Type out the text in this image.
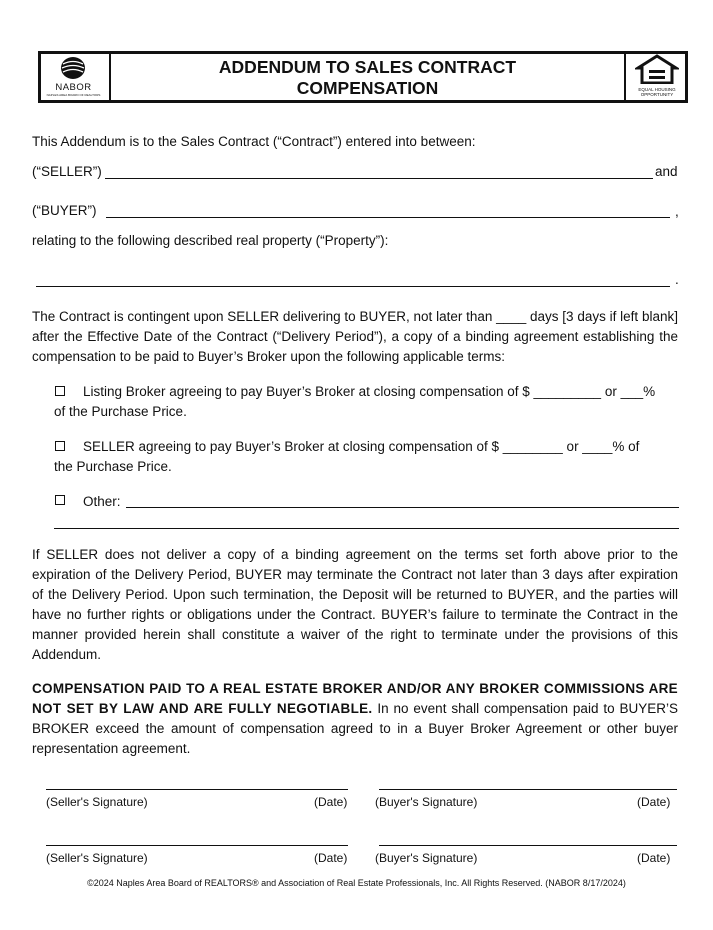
NABOR
NAPLES AREA BOARD OF REALTORS
ADDENDUM TO SALES CONTRACT
COMPENSATION	EQUAL HOUSING
OPPORTUNITY
This Addendum is to the Sales Contract (“Contract”) entered into between:
(“SELLER”)	and
(“BUYER”)	,
relating to the following described real property (“Property”):
.
The Contract is contingent upon SELLER delivering to BUYER, not later than ____ days [3 days if left blank] after the Effective Date of the Contract (“Delivery Period”), a copy of a binding agreement establishing the compensation to be paid to Buyer’s Broker upon the following applicable terms:
Listing Broker agreeing to pay Buyer’s Broker at closing compensation of $ _________ or ___%
of the Purchase Price.
SELLER agreeing to pay Buyer’s Broker at closing compensation of $ ________ or ____% of
the Purchase Price.
Other:
If SELLER does not deliver a copy of a binding agreement on the terms set forth above prior to the expiration of the Delivery Period, BUYER may terminate the Contract not later than 3 days after expiration of the Delivery Period. Upon such termination, the Deposit will be returned to BUYER, and the parties will have no further rights or obligations under the Contract. BUYER’s failure to terminate the Contract in the manner provided herein shall constitute a waiver of the right to terminate under the provisions of this Addendum.
COMPENSATION PAID TO A REAL ESTATE BROKER AND/OR ANY BROKER COMMISSIONS ARE NOT SET BY LAW AND ARE FULLY NEGOTIABLE. In no event shall compensation paid to BUYER’S BROKER exceed the amount of compensation agreed to in a Buyer Broker Agreement or other buyer representation agreement.
(Seller's Signature)	(Date) (Buyer's Signature)	(Date)
(Seller's Signature)	(Date) (Buyer's Signature)	(Date)
©2024 Naples Area Board of REALTORS® and Association of Real Estate Professionals, Inc. All Rights Reserved. (NABOR 8/17/2024)
